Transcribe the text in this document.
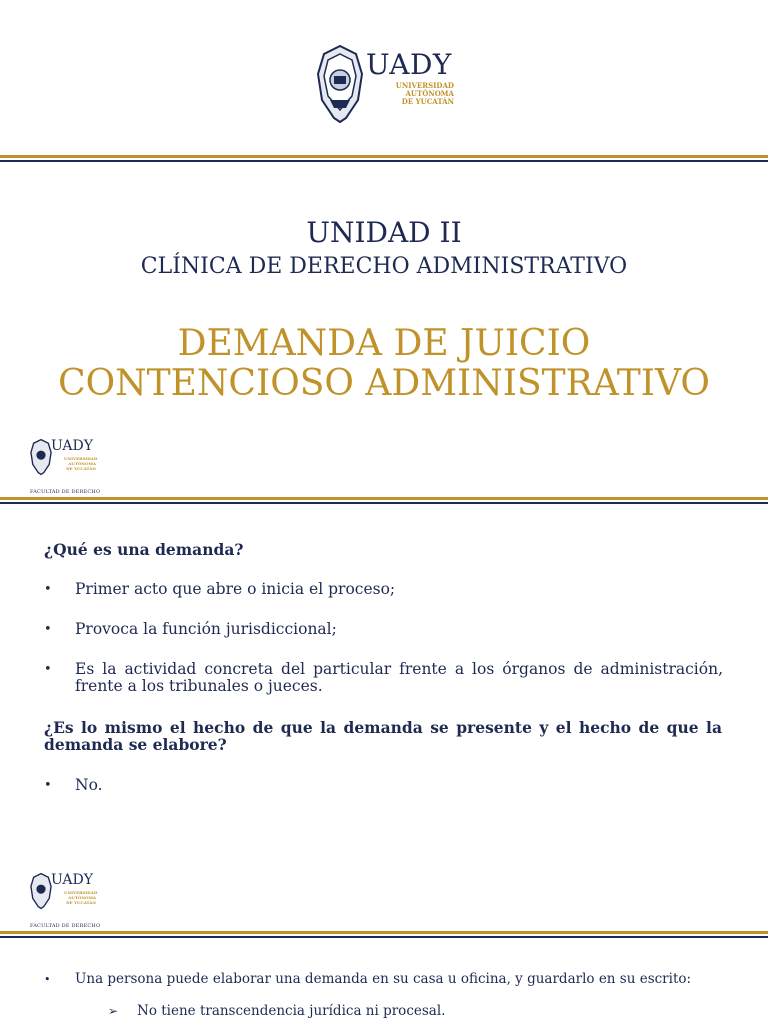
UADY
UNIVERSIDAD
AUTÓNOMA
DE YUCATÁN
UNIDAD II
CLÍNICA DE DERECHO ADMINISTRATIVO
DEMANDA DE JUICIO
CONTENCIOSO ADMINISTRATIVO
UADY
UNIVERSIDAD
AUTÓNOMA
DE YUCATÁN
FACULTAD DE DERECHO
¿Qué es una demanda?
• Primer acto que abre o inicia el proceso;
• Provoca la función jurisdiccional;
• Es la actividad concreta del particular frente a los órganos de administración, frente a los tribunales o jueces.
¿Es lo mismo el hecho de que la demanda se presente y el hecho de que la demanda se elabore?
• No.
UADY
UNIVERSIDAD
AUTÓNOMA
DE YUCATÁN
FACULTAD DE DERECHO
• Una persona puede elaborar una demanda en su casa u oficina, y guardarlo en su escrito:
➢ No tiene transcendencia jurídica ni procesal.
